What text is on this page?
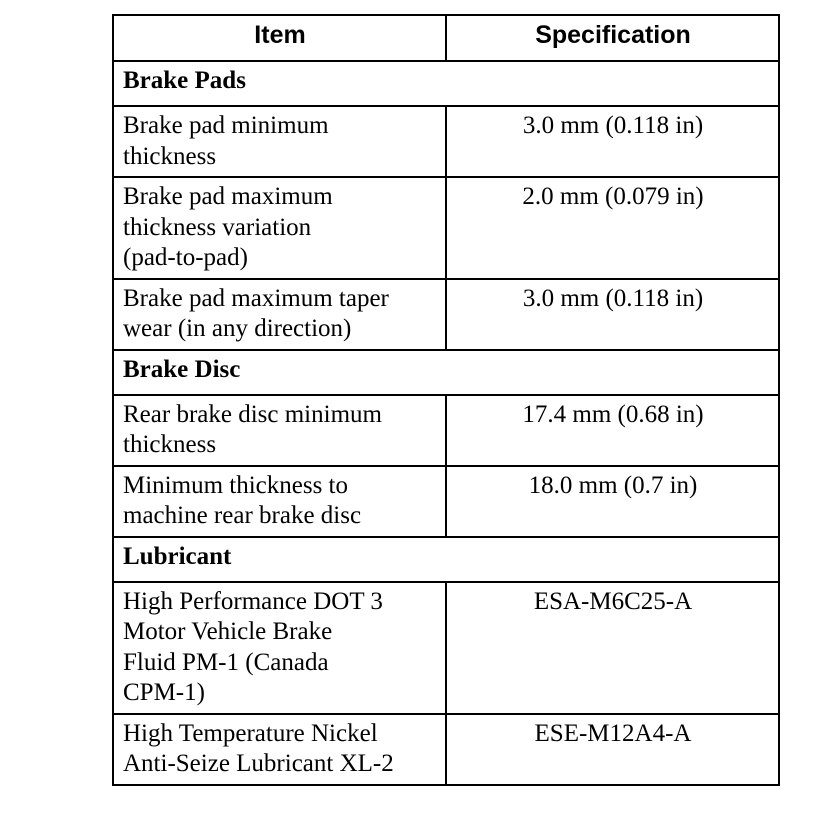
Item	Specification
Brake Pads	
Brake pad minimum
thickness	3.0 mm (0.118 in)
Brake pad maximum
thickness variation
(pad-to-pad)	2.0 mm (0.079 in)
Brake pad maximum taper
wear (in any direction)	3.0 mm (0.118 in)
Brake Disc	
Rear brake disc minimum
thickness	17.4 mm (0.68 in)
Minimum thickness to
machine rear brake disc	18.0 mm (0.7 in)
Lubricant	
High Performance DOT 3
Motor Vehicle Brake
Fluid PM-1 (Canada
CPM-1)	ESA-M6C25-A
High Temperature Nickel
Anti-Seize Lubricant XL-2	ESE-M12A4-A
